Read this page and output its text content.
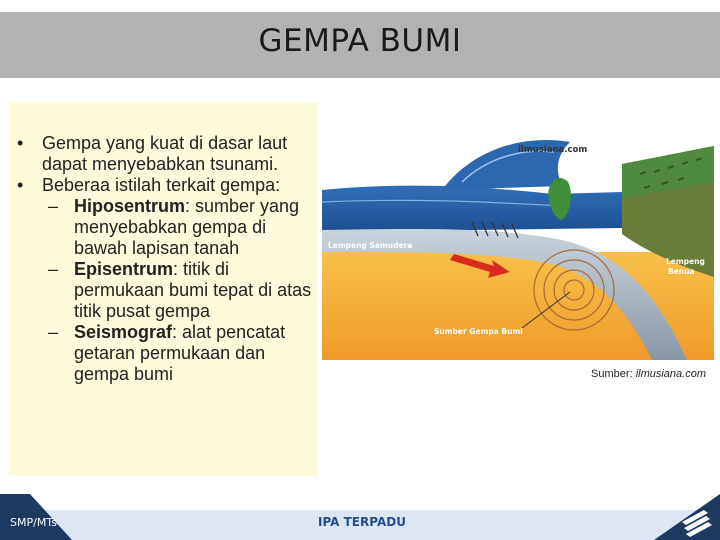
GEMPA BUMI

• Gempa yang kuat di dasar laut dapat menyebabkan tsunami.

• Beberaa istilah terkait gempa:

– Hiposentrum: sumber yang menyebabkan gempa di bawah lapisan tanah

– Episentrum: titik di permukaan bumi tepat di atas titik pusat gempa

– Seismograf: alat pencatat getaran permukaan dan gempa bumi

ilmusiana.com
Lempeng Samudera
Lempeng
Benua
Sumber Gempa Bumi
Sumber: ilmusiana.com
SMP/MTs	IPA TERPADU
